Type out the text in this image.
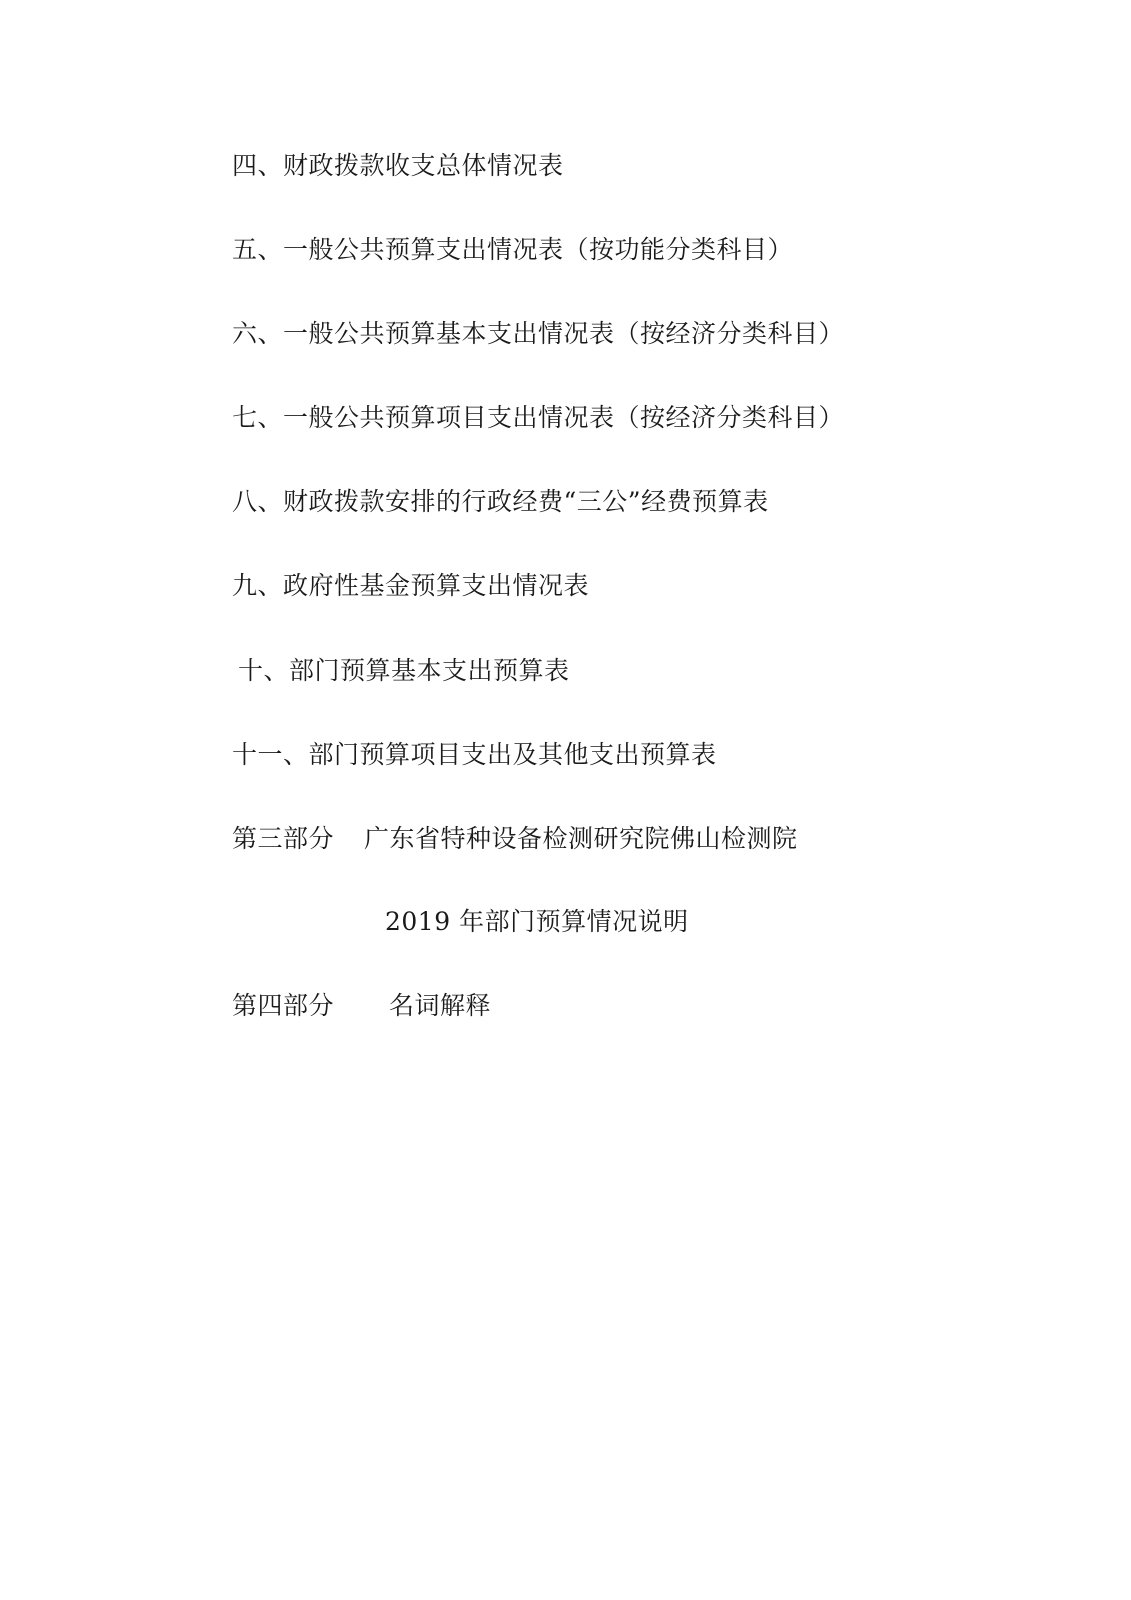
四、财政拨款收支总体情况表
五、一般公共预算支出情况表（按功能分类科目）
六、一般公共预算基本支出情况表（按经济分类科目）
七、一般公共预算项目支出情况表（按经济分类科目）
八、财政拨款安排的行政经费“三公”经费预算表
九、政府性基金预算支出情况表
十、部门预算基本支出预算表
十一、部门预算项目支出及其他支出预算表
第三部分 广东省特种设备检测研究院佛山检测院
2019 年部门预算情况说明
第四部分 名词解释
